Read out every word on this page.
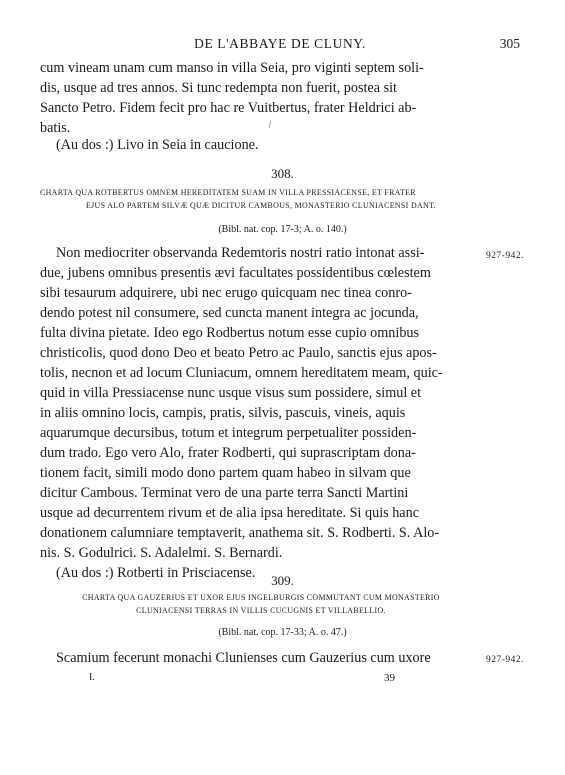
DE L'ABBAYE DE CLUNY.	305

cum vineam unam cum manso in villa Seia, pro viginti septem soli-

dis, usque ad tres annos. Si tunc redempta non fuerit, postea sit

Sancto Petro. Fidem fecit pro hac re Vuitbertus, frater Heldrici ab-

batis.	\

(Au dos :) Livo in Seia in caucione.

308.
CHARTA QUA ROTBERTUS OMNEM HEREDITATEM SUAM IN VILLA PRESSIACENSE, ET FRATER
EJUS ALO PARTEM SILVÆ QUÆ DICITUR CAMBOUS, MONASTERIO CLUNIACENSI DANT.
(Bibl. nat. cop. 17-3; A. o. 140.)
927-942.

Non mediocriter observanda Redemtoris nostri ratio intonat assi-

due, jubens omnibus presentis ævi facultates possidentibus cœlestem

sibi tesaurum adquirere, ubi nec erugo quicquam nec tinea conro-

dendo potest nil consumere, sed cuncta manent integra ac jocunda,

fulta divina pietate. Ideo ego Rodbertus notum esse cupio omnibus

christicolis, quod dono Deo et beato Petro ac Paulo, sanctis ejus apos-

tolis, necnon et ad locum Cluniacum, omnem hereditatem meam, quic-

quid in villa Pressiacense nunc usque visus sum possidere, simul et

in aliis omnino locis, campis, pratis, silvis, pascuis, vineis, aquis

aquarumque decursibus, totum et integrum perpetualiter possiden-

dum trado. Ego vero Alo, frater Rodberti, qui suprascriptam dona-

tionem facit, simili modo dono partem quam habeo in silvam que

dicitur Cambous. Terminat vero de una parte terra Sancti Martini

usque ad decurrentem rivum et de alia ipsa hereditate. Si quis hanc

donationem calumniare temptaverit, anathema sit. S. Rodberti. S. Alo-

nis. S. Godulrici. S. Adalelmi. S. Bernardi.

(Au dos :) Rotberti in Prisciacense.	309.
CHARTA QUA GAUZERIUS ET UXOR EJUS INGELBURGIS COMMUTANT CUM MONASTERIO
CLUNIACENSI TERRAS IN VILLIS CUCUGNIS ET VILLABELLIO.
(Bibl. nat. cop. 17-33; A. o. 47.)
927-942.

Scamium fecerunt monachi Clunienses cum Gauzerius cum uxore

I.	39
